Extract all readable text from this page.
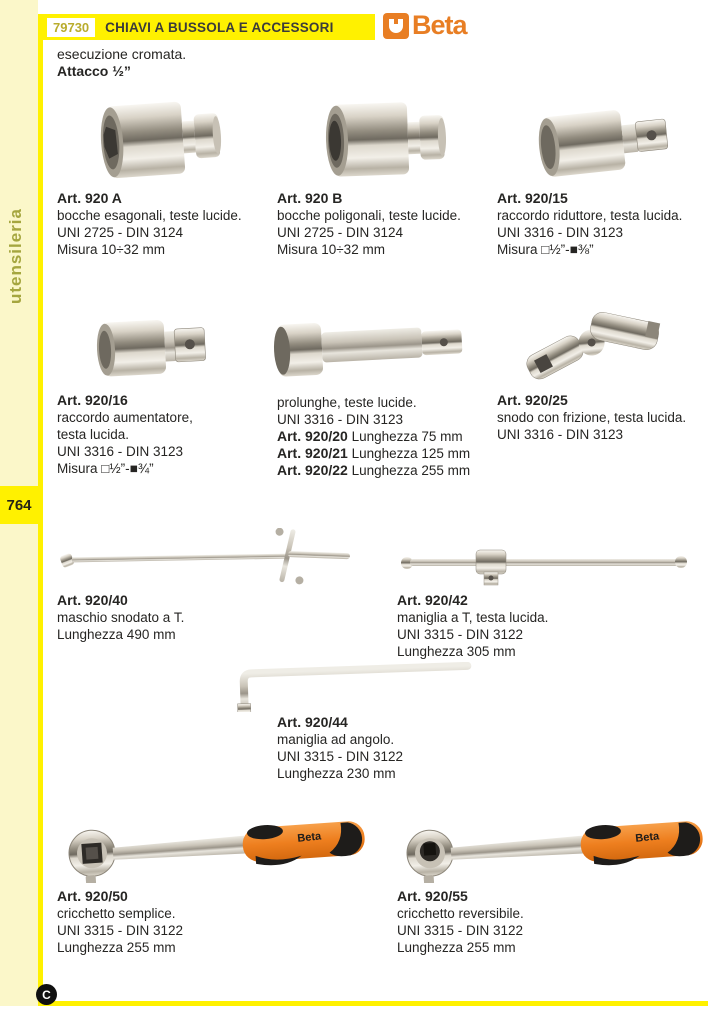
utensileria
764
C
79730	CHIAVI A BUSSOLA E ACCESSORI	Beta
esecuzione cromata.
Attacco ½”
Beta	Beta
Art. 920 A
bocche esagonali, teste lucide.
UNI 2725 - DIN 3124
Misura 10÷32 mm
Art. 920 B
bocche poligonali, teste lucide.
UNI 2725 - DIN 3124
Misura 10÷32 mm
Art. 920/15
raccordo riduttore, testa lucida.
UNI 3316 - DIN 3123
Misura □½”-■⅜”
Art. 920/16
raccordo aumentatore,
testa lucida.
UNI 3316 - DIN 3123
Misura □½”-■¾”
prolunghe, teste lucide.
UNI 3316 - DIN 3123
Art. 920/20 Lunghezza 75 mm
Art. 920/21 Lunghezza 125 mm
Art. 920/22 Lunghezza 255 mm
Art. 920/25
snodo con frizione, testa lucida.
UNI 3316 - DIN 3123
Art. 920/40
maschio snodato a T.
Lunghezza 490 mm
Art. 920/42
maniglia a T, testa lucida.
UNI 3315 - DIN 3122
Lunghezza 305 mm
Art. 920/44
maniglia ad angolo.
UNI 3315 - DIN 3122
Lunghezza 230 mm
Art. 920/50
cricchetto semplice.
UNI 3315 - DIN 3122
Lunghezza 255 mm
Art. 920/55
cricchetto reversibile.
UNI 3315 - DIN 3122
Lunghezza 255 mm
